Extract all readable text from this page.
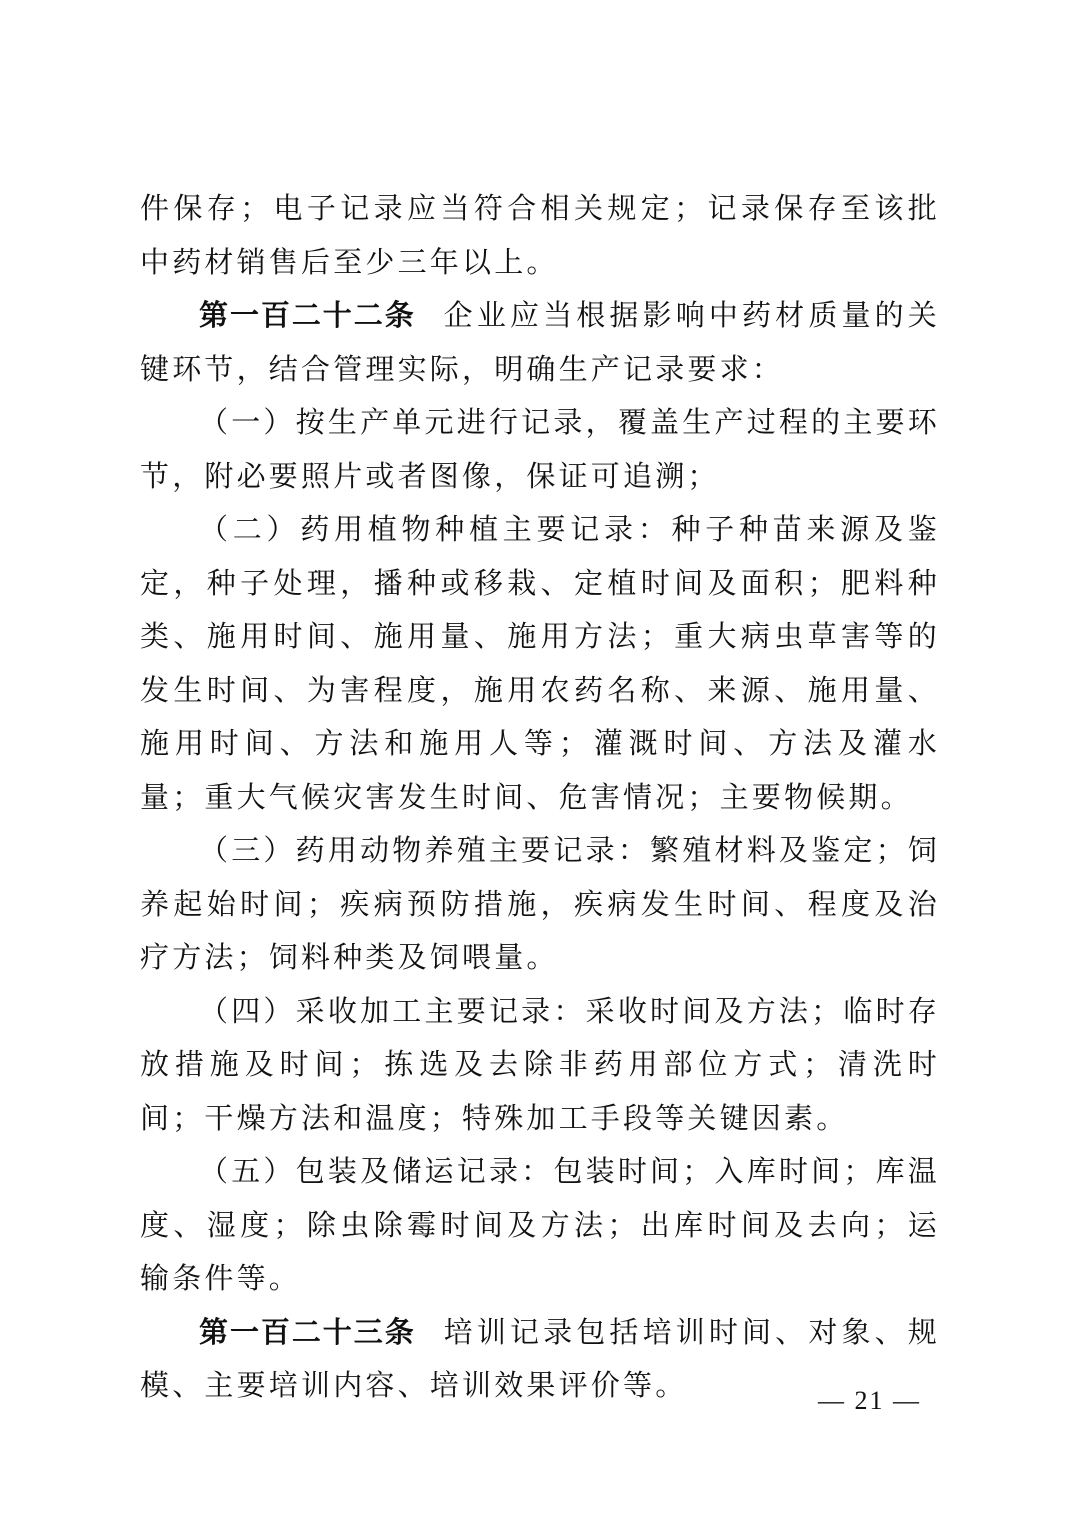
件保存；电子记录应当符合相关规定；记录保存至该批中药材销售后至少三年以上。

第一百二十二条 企业应当根据影响中药材质量的关键环节，结合管理实际，明确生产记录要求：

（一）按生产单元进行记录，覆盖生产过程的主要环节，附必要照片或者图像，保证可追溯；

（二）药用植物种植主要记录：种子种苗来源及鉴定，种子处理，播种或移栽、定植时间及面积；肥料种类、施用时间、施用量、施用方法；重大病虫草害等的发生时间、为害程度，施用农药名称、来源、施用量、施用时间、方法和施用人等；灌溉时间、方法及灌水量；重大气候灾害发生时间、危害情况；主要物候期。

（三）药用动物养殖主要记录：繁殖材料及鉴定；饲养起始时间；疾病预防措施，疾病发生时间、程度及治疗方法；饲料种类及饲喂量。

（四）采收加工主要记录：采收时间及方法；临时存放措施及时间；拣选及去除非药用部位方式；清洗时间；干燥方法和温度；特殊加工手段等关键因素。

（五）包装及储运记录：包装时间；入库时间；库温度、湿度；除虫除霉时间及方法；出库时间及去向；运输条件等。

第一百二十三条 培训记录包括培训时间、对象、规模、主要培训内容、培训效果评价等。	— 21 —
